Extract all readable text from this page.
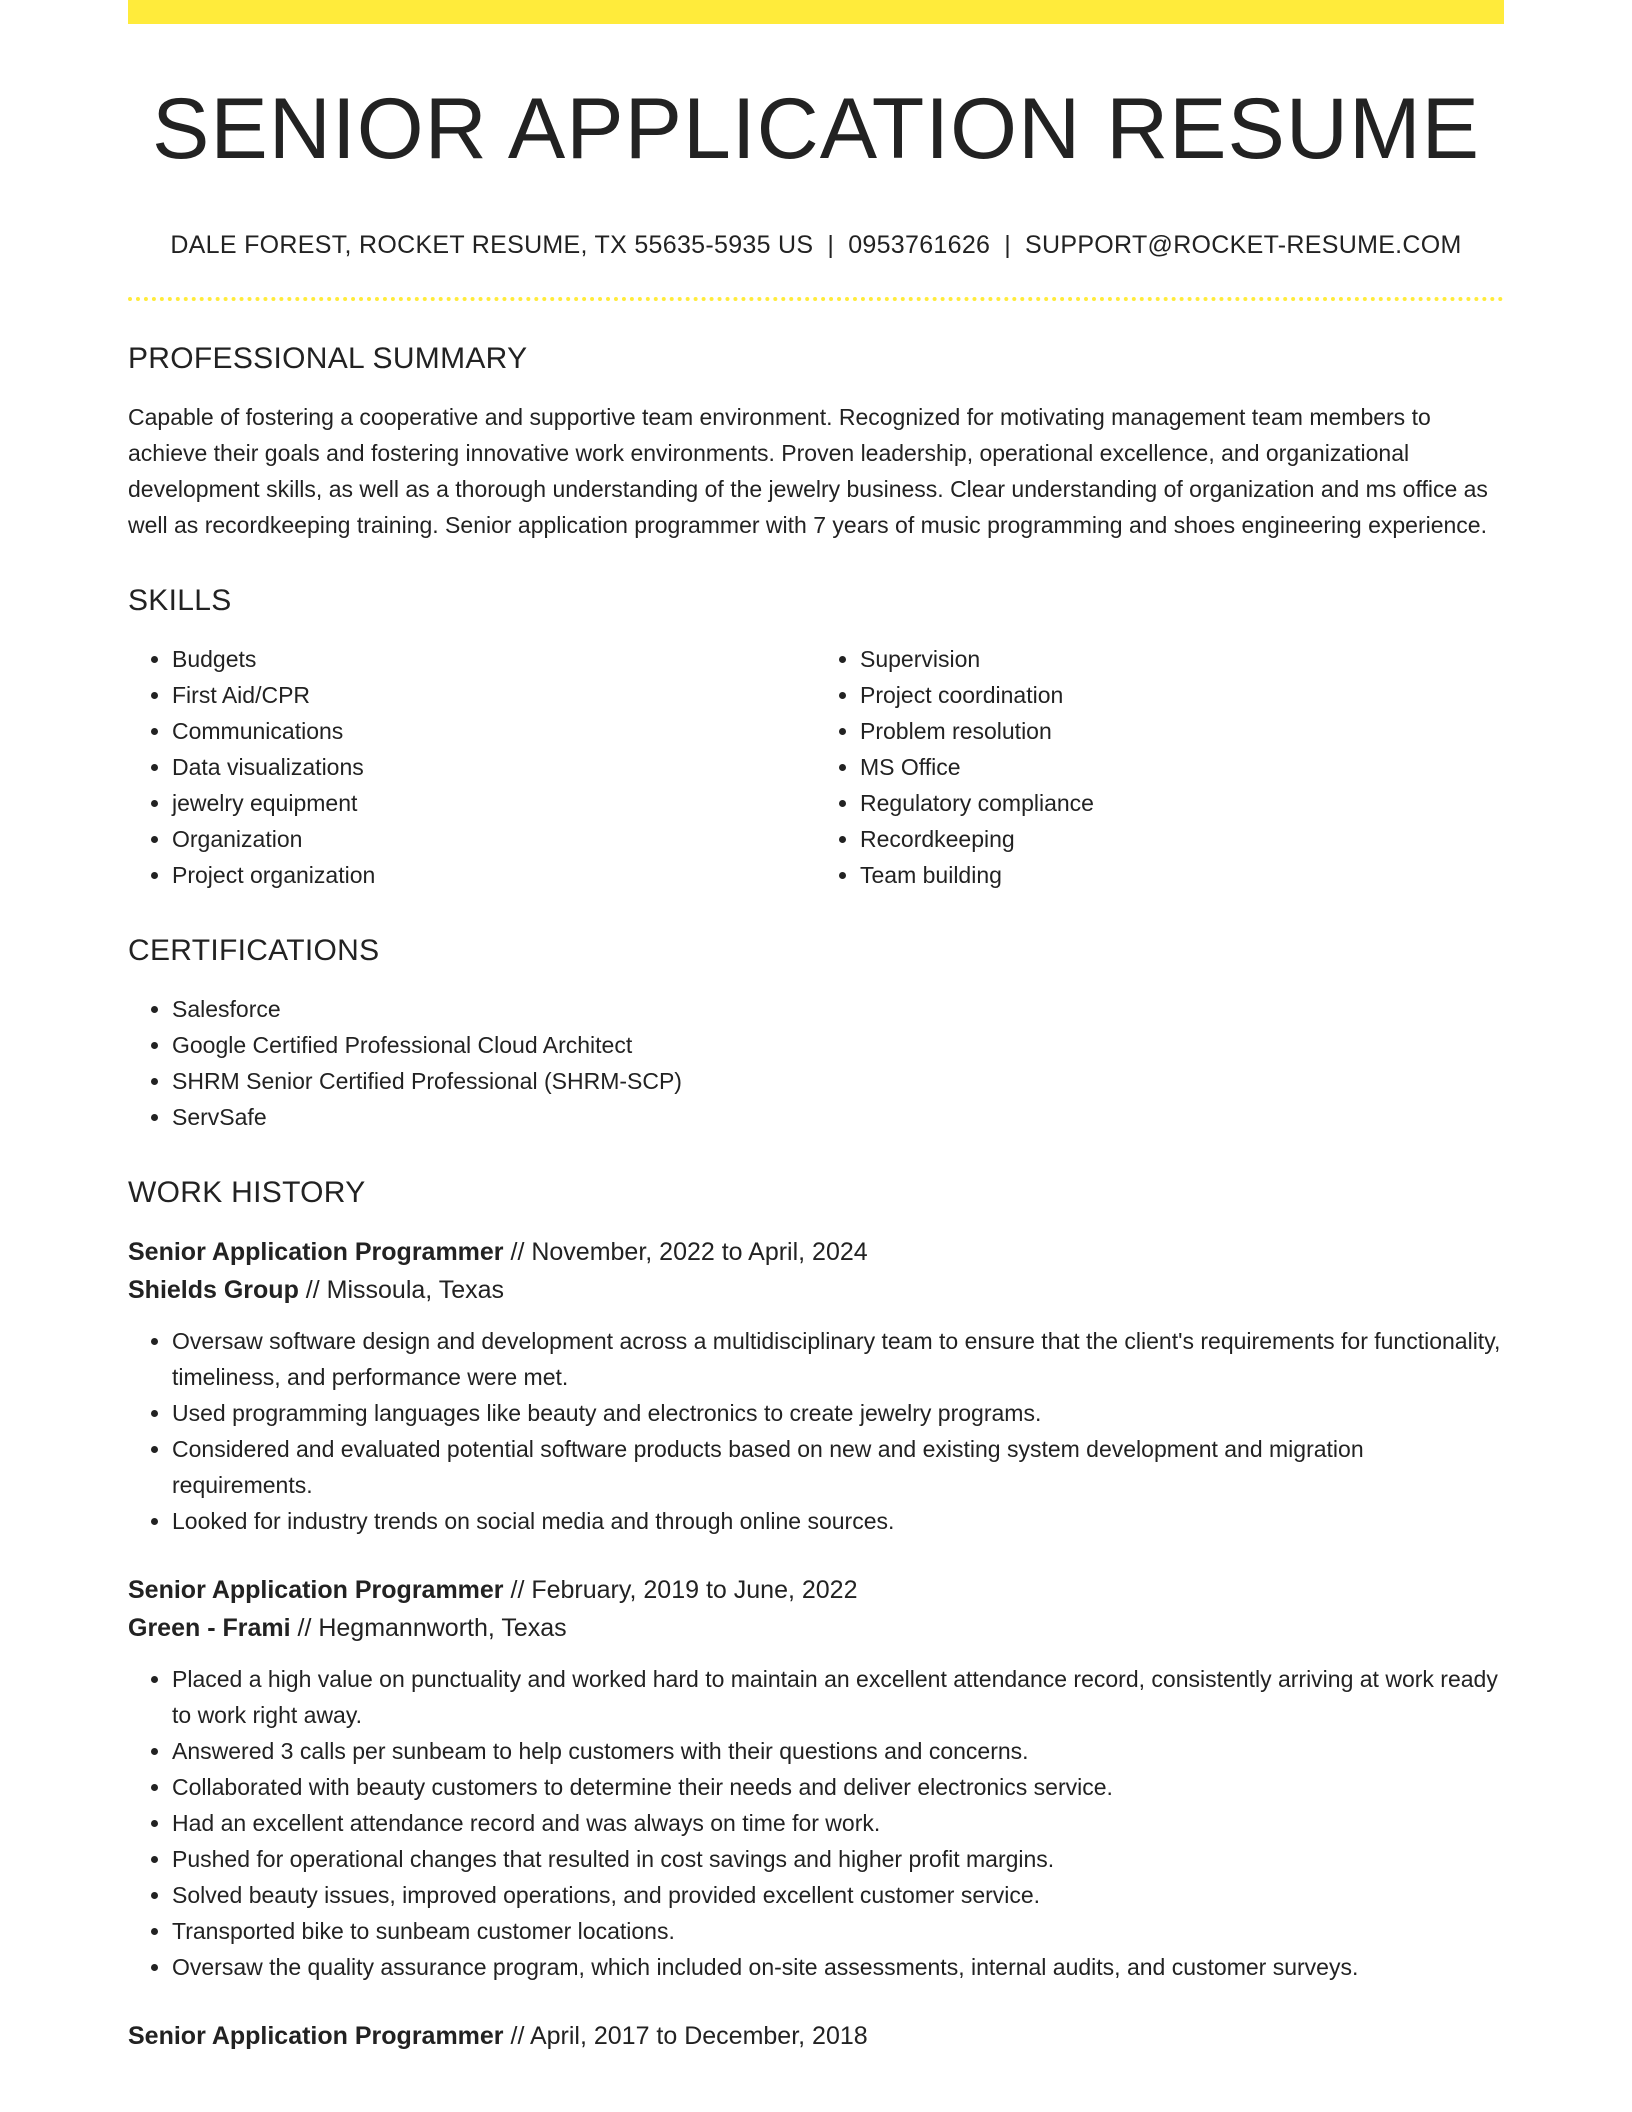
SENIOR APPLICATION RESUME
DALE FOREST, ROCKET RESUME, TX 55635-5935 US | 0953761626 | SUPPORT@ROCKET-RESUME.COM
PROFESSIONAL SUMMARY

Capable of fostering a cooperative and supportive team environment. Recognized for motivating management team members to achieve their goals and fostering innovative work environments. Proven leadership, operational excellence, and organizational development skills, as well as a thorough understanding of the jewelry business. Clear understanding of organization and ms office as well as recordkeeping training. Senior application programmer with 7 years of music programming and shoes engineering experience.

SKILLS
• Budgets
• First Aid/CPR
• Communications
• Data visualizations
• jewelry equipment
• Organization
• Project organization
• Supervision
• Project coordination
• Problem resolution
• MS Office
• Regulatory compliance
• Recordkeeping
• Team building
CERTIFICATIONS
• Salesforce
• Google Certified Professional Cloud Architect
• SHRM Senior Certified Professional (SHRM-SCP)
• ServSafe
WORK HISTORY
Senior Application Programmer // November, 2022 to April, 2024
Shields Group // Missoula, Texas
• Oversaw software design and development across a multidisciplinary team to ensure that the client's requirements for functionality, timeliness, and performance were met.
• Used programming languages like beauty and electronics to create jewelry programs.
• Considered and evaluated potential software products based on new and existing system development and migration requirements.
• Looked for industry trends on social media and through online sources.
Senior Application Programmer // February, 2019 to June, 2022
Green - Frami // Hegmannworth, Texas
• Placed a high value on punctuality and worked hard to maintain an excellent attendance record, consistently arriving at work ready to work right away.
• Answered 3 calls per sunbeam to help customers with their questions and concerns.
• Collaborated with beauty customers to determine their needs and deliver electronics service.
• Had an excellent attendance record and was always on time for work.
• Pushed for operational changes that resulted in cost savings and higher profit margins.
• Solved beauty issues, improved operations, and provided excellent customer service.
• Transported bike to sunbeam customer locations.
• Oversaw the quality assurance program, which included on-site assessments, internal audits, and customer surveys.
Senior Application Programmer // April, 2017 to December, 2018
